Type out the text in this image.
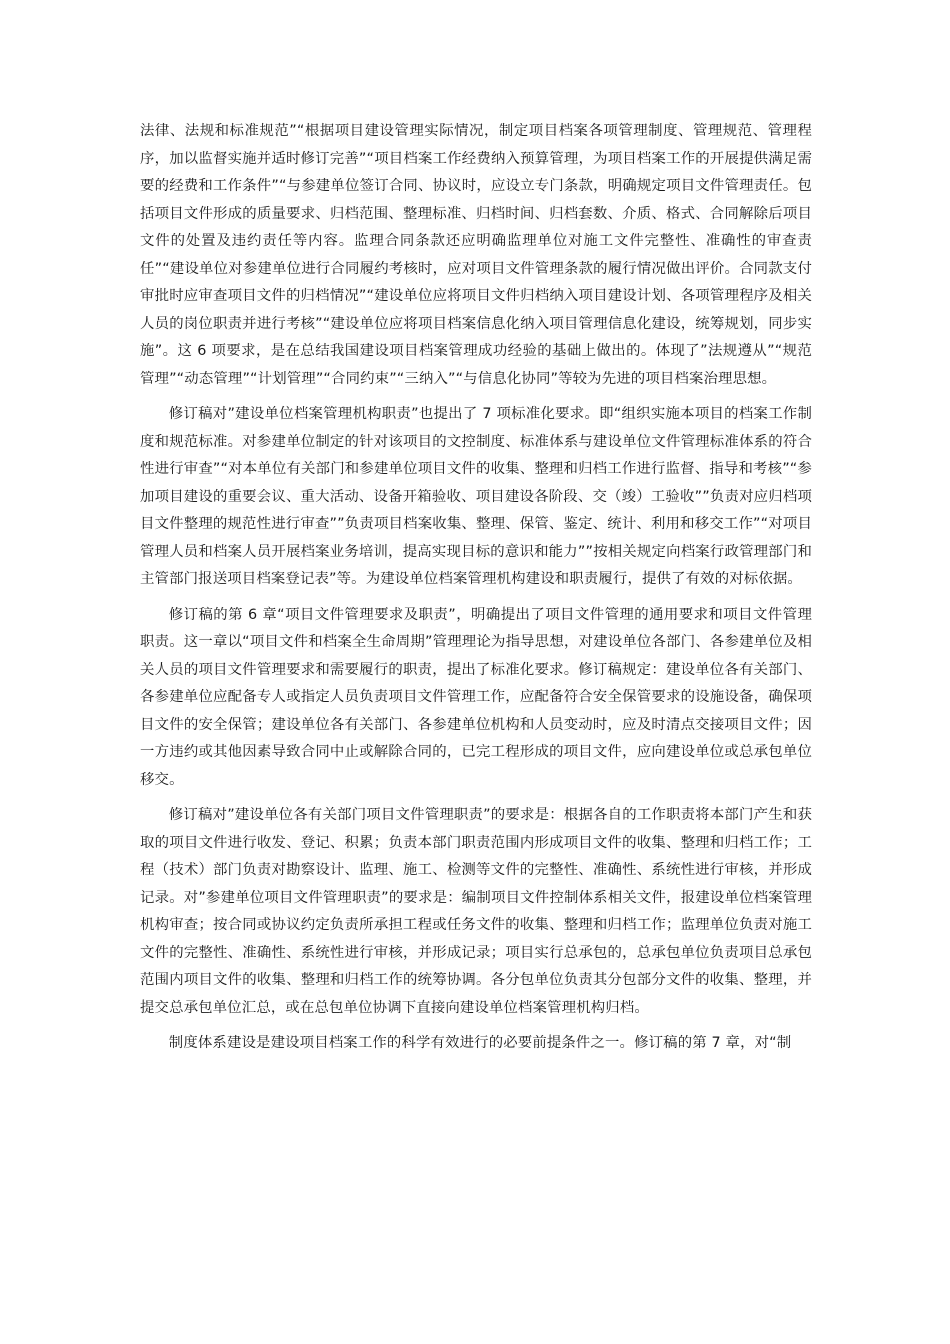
法律、法规和标准规范”“根据项目建设管理实际情况，制定项目档案各项管理制度、管理规范、管理程序，加以监督实施并适时修订完善”“项目档案工作经费纳入预算管理，为项目档案工作的开展提供满足需要的经费和工作条件”“与参建单位签订合同、协议时，应设立专门条款，明确规定项目文件管理责任。包括项目文件形成的质量要求、归档范围、整理标准、归档时间、归档套数、介质、格式、合同解除后项目文件的处置及违约责任等内容。监理合同条款还应明确监理单位对施工文件完整性、准确性的审查责任”“建设单位对参建单位进行合同履约考核时，应对项目文件管理条款的履行情况做出评价。合同款支付审批时应审查项目文件的归档情况”“建设单位应将项目文件归档纳入项目建设计划、各项管理程序及相关人员的岗位职责并进行考核”“建设单位应将项目档案信息化纳入项目管理信息化建设，统筹规划，同步实施”。这 6 项要求，是在总结我国建设项目档案管理成功经验的基础上做出的。体现了”法规遵从”“规范管理”“动态管理”“计划管理”“合同约束”“三纳入”“与信息化协同”等较为先进的项目档案治理思想。

修订稿对”建设单位档案管理机构职责”也提出了 7 项标准化要求。即“组织实施本项目的档案工作制度和规范标准。对参建单位制定的针对该项目的文控制度、标准体系与建设单位文件管理标准体系的符合性进行审查”“对本单位有关部门和参建单位项目文件的收集、整理和归档工作进行监督、指导和考核”“参加项目建设的重要会议、重大活动、设备开箱验收、项目建设各阶段、交（竣）工验收””负责对应归档项目文件整理的规范性进行审查””负责项目档案收集、整理、保管、鉴定、统计、利用和移交工作”“对项目管理人员和档案人员开展档案业务培训，提高实现目标的意识和能力””按相关规定向档案行政管理部门和主管部门报送项目档案登记表”等。为建设单位档案管理机构建设和职责履行，提供了有效的对标依据。

修订稿的第 6 章“项目文件管理要求及职责”，明确提出了项目文件管理的通用要求和项目文件管理职责。这一章以“项目文件和档案全生命周期”管理理论为指导思想，对建设单位各部门、各参建单位及相关人员的项目文件管理要求和需要履行的职责，提出了标准化要求。修订稿规定：建设单位各有关部门、各参建单位应配备专人或指定人员负责项目文件管理工作，应配备符合安全保管要求的设施设备，确保项目文件的安全保管；建设单位各有关部门、各参建单位机构和人员变动时，应及时清点交接项目文件；因一方违约或其他因素导致合同中止或解除合同的，已完工程形成的项目文件，应向建设单位或总承包单位移交。

修订稿对”建设单位各有关部门项目文件管理职责”的要求是：根据各自的工作职责将本部门产生和获取的项目文件进行收发、登记、积累；负责本部门职责范围内形成项目文件的收集、整理和归档工作；工程（技术）部门负责对勘察设计、监理、施工、检测等文件的完整性、准确性、系统性进行审核，并形成记录。对”参建单位项目文件管理职责”的要求是：编制项目文件控制体系相关文件，报建设单位档案管理机构审查；按合同或协议约定负责所承担工程或任务文件的收集、整理和归档工作；监理单位负责对施工文件的完整性、准确性、系统性进行审核，并形成记录；项目实行总承包的，总承包单位负责项目总承包范围内项目文件的收集、整理和归档工作的统筹协调。各分包单位负责其分包部分文件的收集、整理，并提交总承包单位汇总，或在总包单位协调下直接向建设单位档案管理机构归档。

制度体系建设是建设项目档案工作的科学有效进行的必要前提条件之一。修订稿的第 7 章，对“制
